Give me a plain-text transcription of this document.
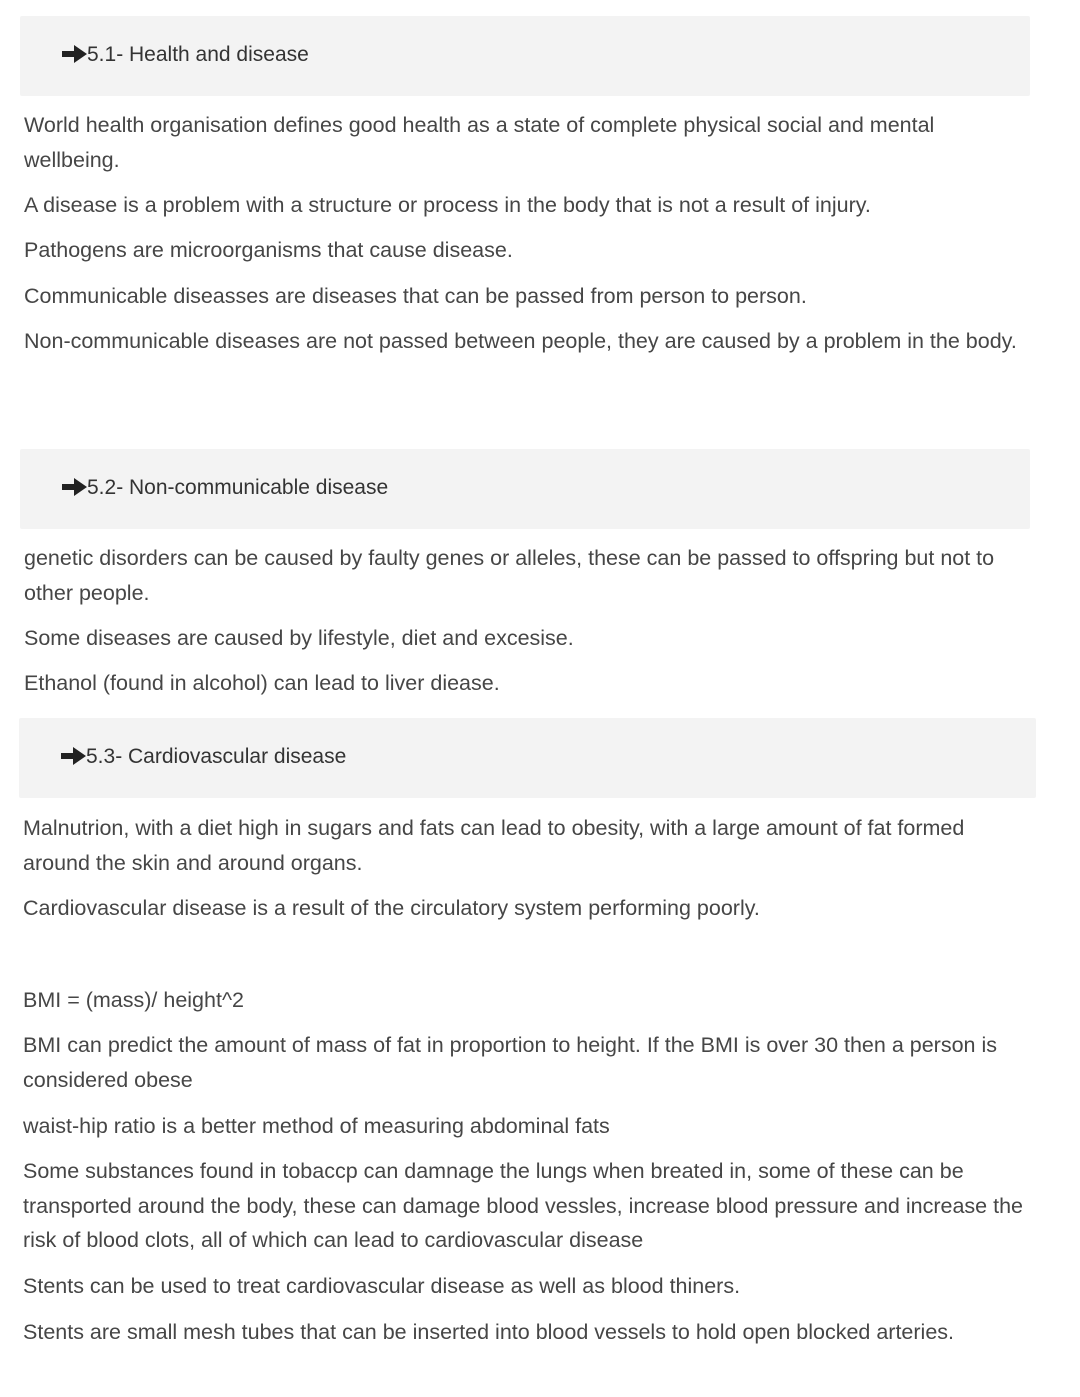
5.1- Health and disease

World health organisation defines good health as a state of complete physical social and mental wellbeing.

A disease is a problem with a structure or process in the body that is not a result of injury.

Pathogens are microorganisms that cause disease.

Communicable diseasses are diseases that can be passed from person to person.

Non-communicable diseases are not passed between people, they are caused by a problem in the body.

5.2- Non-communicable disease

genetic disorders can be caused by faulty genes or alleles, these can be passed to offspring but not to other people.

Some diseases are caused by lifestyle, diet and excesise.

Ethanol (found in alcohol) can lead to liver diease.

5.3- Cardiovascular disease

Malnutrion, with a diet high in sugars and fats can lead to obesity, with a large amount of fat formed around the skin and around organs.

Cardiovascular disease is a result of the circulatory system performing poorly.

BMI = (mass)/ height^2

BMI can predict the amount of mass of fat in proportion to height. If the BMI is over 30 then a person is considered obese

waist-hip ratio is a better method of measuring abdominal fats

Some substances found in tobaccp can damnage the lungs when breated in, some of these can be transported around the body, these can damage blood vessles, increase blood pressure and increase the risk of blood clots, all of which can lead to cardiovascular disease

Stents can be used to treat cardiovascular disease as well as blood thiners.

Stents are small mesh tubes that can be inserted into blood vessels to hold open blocked arteries.
